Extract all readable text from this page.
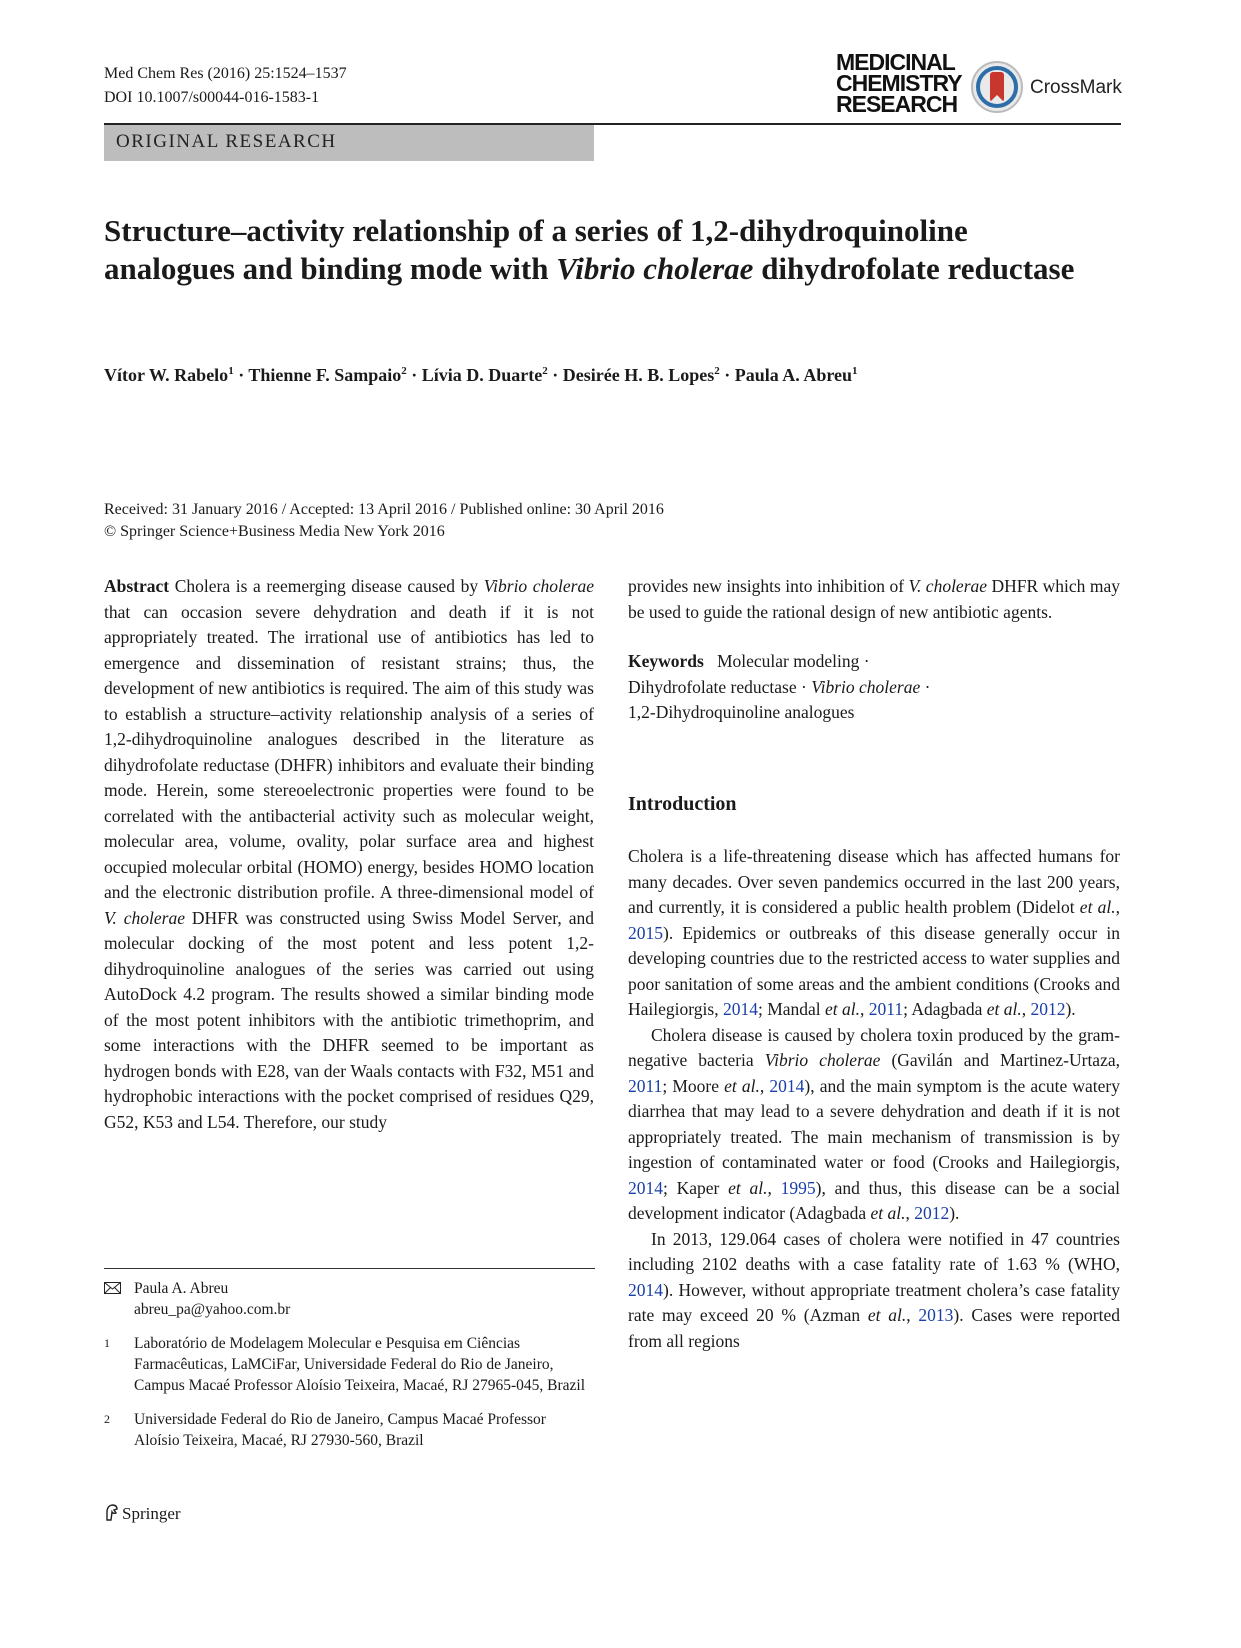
Med Chem Res (2016) 25:1524–1537
DOI 10.1007/s00044-016-1583-1
MEDICINAL
CHEMISTRY
RESEARCH
CrossMark
ORIGINAL RESEARCH
Structure–activity relationship of a series of 1,2-dihydroquinoline analogues and binding mode with Vibrio cholerae dihydrofolate reductase
Vítor W. Rabelo$^1$ · Thienne F. Sampaio$^2$ · Lívia D. Duarte$^2$ · Desirée H. B. Lopes$^2$ · Paula A. Abreu$^1$
Received: 31 January 2016 / Accepted: 13 April 2016 / Published online: 30 April 2016
© Springer Science+Business Media New York 2016

Abstract Cholera is a reemerging disease caused by Vibrio cholerae that can occasion severe dehydration and death if it is not appropriately treated. The irrational use of antibiotics has led to emergence and dissemination of resistant strains; thus, the development of new antibiotics is required. The aim of this study was to establish a structure–activity relationship analysis of a series of 1,2-dihydroquinoline analogues described in the literature as dihydrofolate reductase (DHFR) inhibitors and evaluate their binding mode. Herein, some stereoelectronic properties were found to be correlated with the antibacterial activity such as molecular weight, molecular area, volume, ovality, polar surface area and highest occupied molecular orbital (HOMO) energy, besides HOMO location and the electronic distribution profile. A three-dimensional model of V. cholerae DHFR was constructed using Swiss Model Server, and molecular docking of the most potent and less potent 1,2-dihydroquinoline analogues of the series was carried out using AutoDock 4.2 program. The results showed a similar binding mode of the most potent inhibitors with the antibiotic trimethoprim, and some interactions with the DHFR seemed to be important as hydrogen bonds with E28, van der Waals contacts with F32, M51 and hydrophobic interactions with the pocket comprised of residues Q29, G52, K53 and L54. Therefore, our study

provides new insights into inhibition of V. cholerae DHFR which may be used to guide the rational design of new antibiotic agents.

Keywords Molecular modeling ·
Dihydrofolate reductase · Vibrio cholerae ·
1,2-Dihydroquinoline analogues

Introduction

Cholera is a life-threatening disease which has affected humans for many decades. Over seven pandemics occurred in the last 200 years, and currently, it is considered a public health problem (Didelot et al., 2015). Epidemics or outbreaks of this disease generally occur in developing countries due to the restricted access to water supplies and poor sanitation of some areas and the ambient conditions (Crooks and Hailegiorgis, 2014; Mandal et al., 2011; Adagbada et al., 2012).

Cholera disease is caused by cholera toxin produced by the gram-negative bacteria Vibrio cholerae (Gavilán and Martinez-Urtaza, 2011; Moore et al., 2014), and the main symptom is the acute watery diarrhea that may lead to a severe dehydration and death if it is not appropriately treated. The main mechanism of transmission is by ingestion of contaminated water or food (Crooks and Hailegiorgis, 2014; Kaper et al., 1995), and thus, this disease can be a social development indicator (Adagbada et al., 2012).

In 2013, 129.064 cases of cholera were notified in 47 countries including 2102 deaths with a case fatality rate of 1.63 % (WHO, 2014). However, without appropriate treatment cholera’s case fatality rate may exceed 20 % (Azman et al., 2013). Cases were reported from all regions

Paula A. Abreu
abreu_pa@yahoo.com.br
1 Laboratório de Modelagem Molecular e Pesquisa em Ciências Farmacêuticas, LaMCiFar, Universidade Federal do Rio de Janeiro, Campus Macaé Professor Aloísio Teixeira, Macaé, RJ 27965-045, Brazil
2 Universidade Federal do Rio de Janeiro, Campus Macaé Professor Aloísio Teixeira, Macaé, RJ 27930-560, Brazil
Springer
